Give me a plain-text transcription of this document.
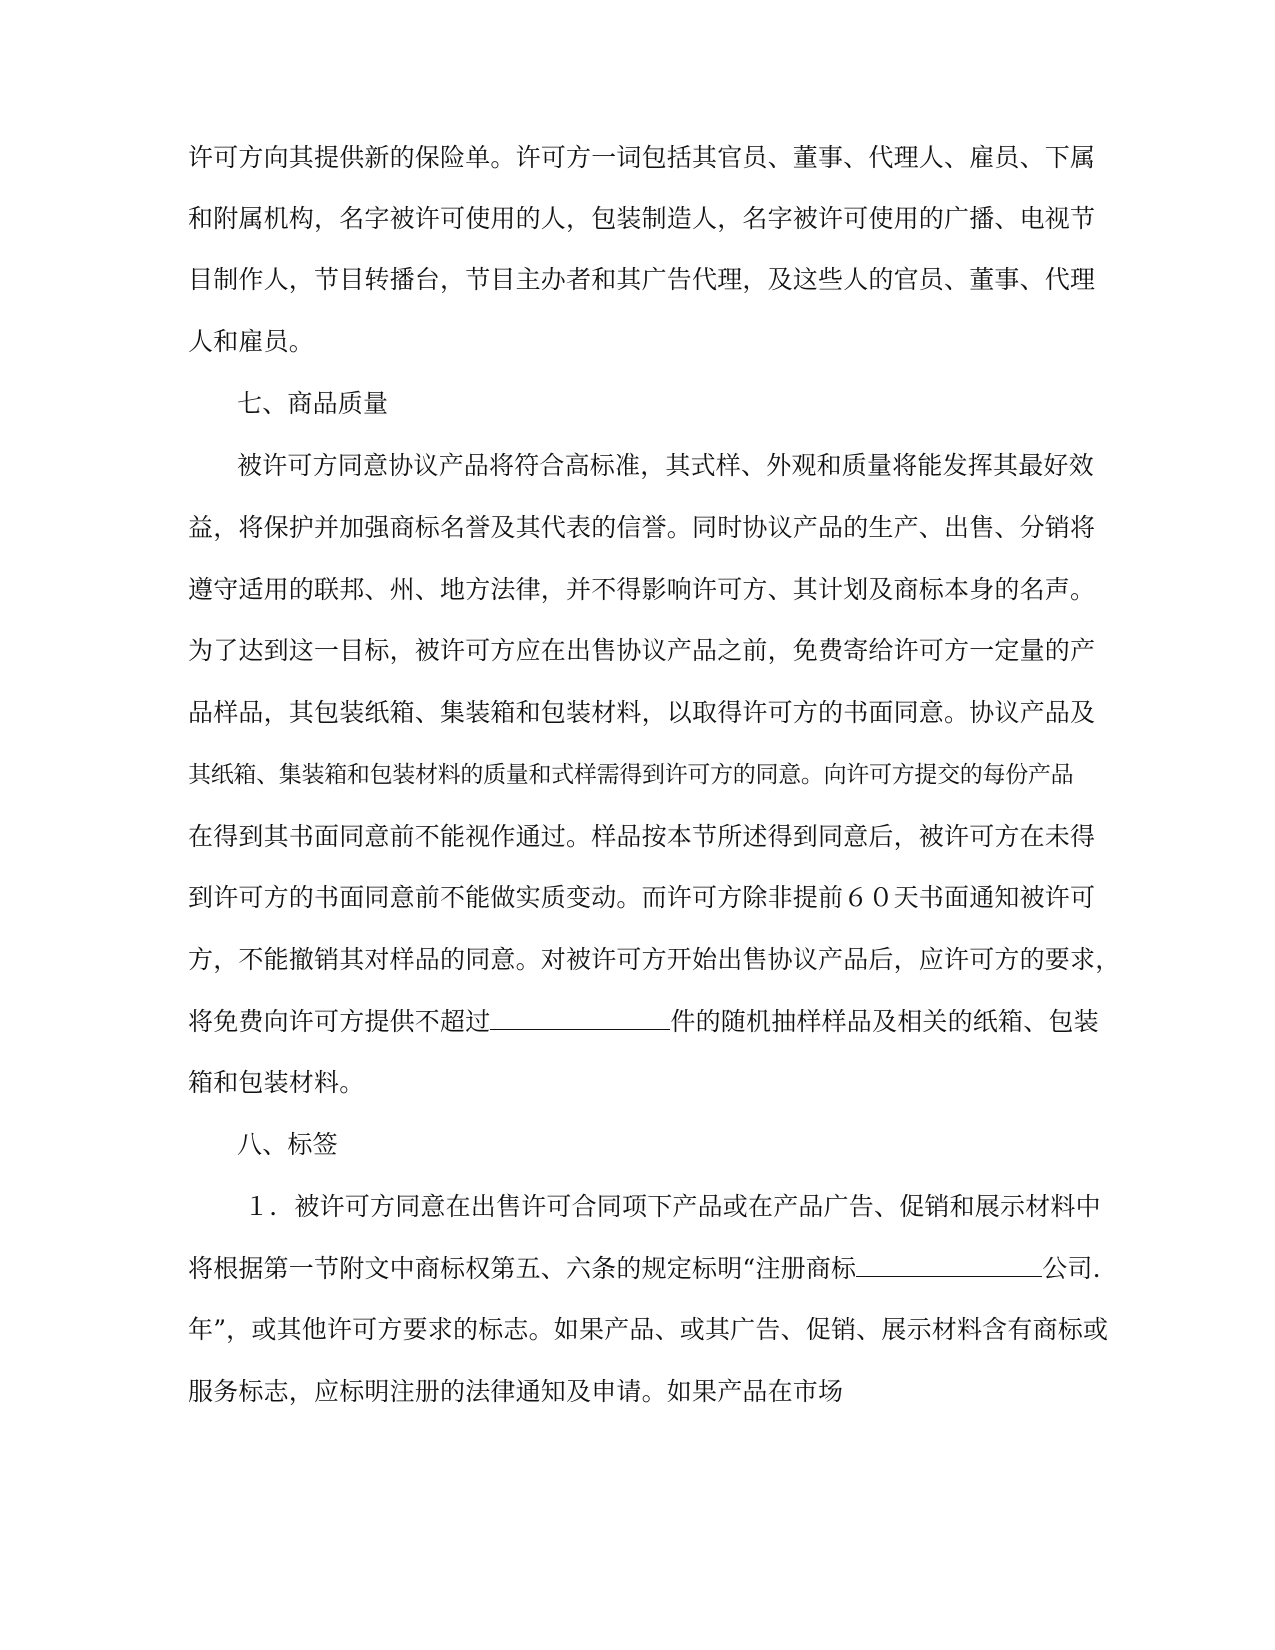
许可方向其提供新的保险单。许可方一词包括其官员、董事、代理人、雇员、下属
和附属机构，名字被许可使用的人，包装制造人，名字被许可使用的广播、电视节
目制作人，节目转播台，节目主办者和其广告代理，及这些人的官员、董事、代理
人和雇员。
七、商品质量
被许可方同意协议产品将符合高标准，其式样、外观和质量将能发挥其最好效
益，将保护并加强商标名誉及其代表的信誉。同时协议产品的生产、出售、分销将
遵守适用的联邦、州、地方法律，并不得影响许可方、其计划及商标本身的名声。
为了达到这一目标，被许可方应在出售协议产品之前，免费寄给许可方一定量的产
品样品，其包装纸箱、集装箱和包装材料，以取得许可方的书面同意。协议产品及
其纸箱、集装箱和包装材料的质量和式样需得到许可方的同意。向许可方提交的每份产品
在得到其书面同意前不能视作通过。样品按本节所述得到同意后，被许可方在未得
到许可方的书面同意前不能做实质变动。而许可方除非提前６０天书面通知被许可
方，不能撤销其对样品的同意。对被许可方开始出售协议产品后，应许可方的要求，
将免费向许可方提供不超过	件的随机抽样样品及相关的纸箱、包装
箱和包装材料。
八、标签
１．被许可方同意在出售许可合同项下产品或在产品广告、促销和展示材料中
将根据第一节附文中商标权第五、六条的规定标明“注册商标	公司.
年”，或其他许可方要求的标志。如果产品、或其广告、促销、展示材料含有商标或
服务标志，应标明注册的法律通知及申请。如果产品在市场
